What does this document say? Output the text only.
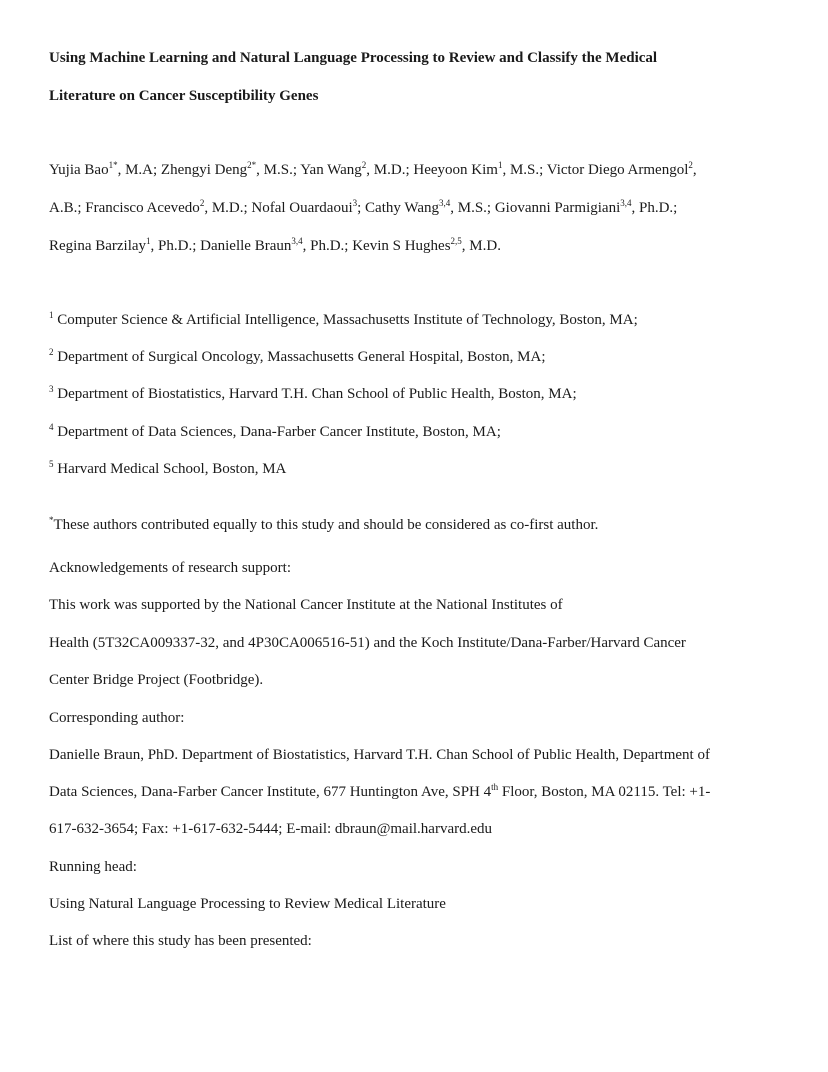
Using Machine Learning and Natural Language Processing to Review and Classify the Medical
Literature on Cancer Susceptibility Genes
Yujia Bao$^{1*}$, M.A; Zhengyi Deng$^{2*}$, M.S.; Yan Wang$^2$, M.D.; Heeyoon Kim$^1$, M.S.; Victor Diego Armengol$^2$,
A.B.; Francisco Acevedo$^2$, M.D.; Nofal Ouardaoui$^3$; Cathy Wang$^{3,4}$, M.S.; Giovanni Parmigiani$^{3,4}$, Ph.D.;
Regina Barzilay$^1$, Ph.D.; Danielle Braun$^{3,4}$, Ph.D.; Kevin S Hughes$^{2,5}$, M.D.
$^1$ Computer Science & Artificial Intelligence, Massachusetts Institute of Technology, Boston, MA;
$^2$ Department of Surgical Oncology, Massachusetts General Hospital, Boston, MA;
$^3$ Department of Biostatistics, Harvard T.H. Chan School of Public Health, Boston, MA;
$^4$ Department of Data Sciences, Dana-Farber Cancer Institute, Boston, MA;
$^5$ Harvard Medical School, Boston, MA
*These authors contributed equally to this study and should be considered as co-first author.
Acknowledgements of research support:
This work was supported by the National Cancer Institute at the National Institutes of
Health (5T32CA009337-32, and 4P30CA006516-51) and the Koch Institute/Dana-Farber/Harvard Cancer
Center Bridge Project (Footbridge).
Corresponding author:
Danielle Braun, PhD. Department of Biostatistics, Harvard T.H. Chan School of Public Health, Department of
Data Sciences, Dana-Farber Cancer Institute, 677 Huntington Ave, SPH 4th Floor, Boston, MA 02115. Tel: +1-
617-632-3654; Fax: +1-617-632-5444; E-mail: dbraun@mail.harvard.edu
Running head:
Using Natural Language Processing to Review Medical Literature
List of where this study has been presented:
